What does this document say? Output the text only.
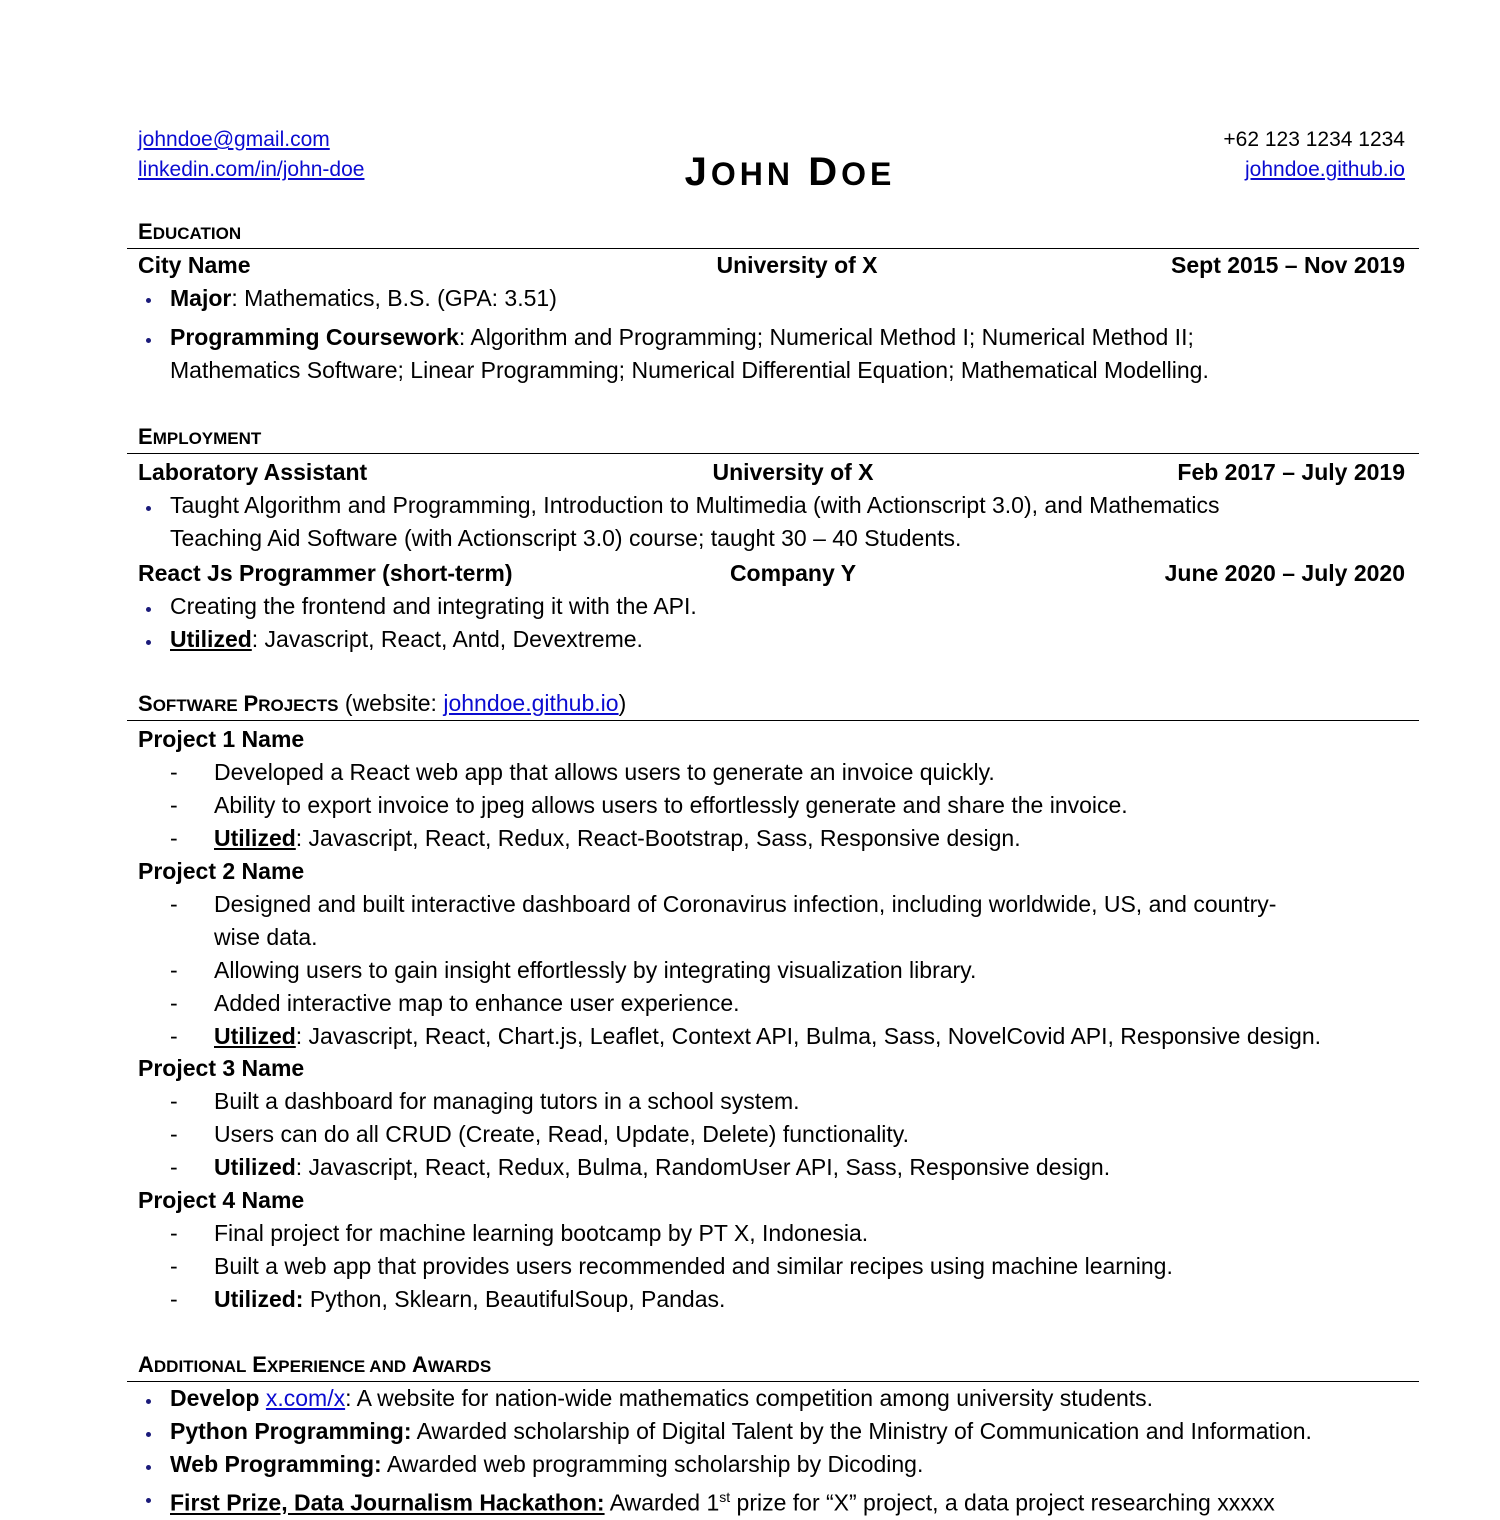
johndoe@gmail.com
linkedin.com/in/john-doe	JOHN DOE
+62 123 1234 1234
johndoe.github.io
EDUCATION
City Name	University of X	Sept 2015 – Nov 2019
Major: Mathematics, B.S. (GPA: 3.51)
Programming Coursework: Algorithm and Programming; Numerical Method I; Numerical Method II;
Mathematics Software; Linear Programming; Numerical Differential Equation; Mathematical Modelling.
EMPLOYMENT
Laboratory Assistant	University of X	Feb 2017 – July 2019
Taught Algorithm and Programming, Introduction to Multimedia (with Actionscript 3.0), and Mathematics
Teaching Aid Software (with Actionscript 3.0) course; taught 30 – 40 Students.
React Js Programmer (short-term)	Company Y	June 2020 – July 2020
Creating the frontend and integrating it with the API.
Utilized: Javascript, React, Antd, Devextreme.
SOFTWARE PROJECTS (website: johndoe.github.io)
Project 1 Name
- Developed a React web app that allows users to generate an invoice quickly.
- Ability to export invoice to jpeg allows users to effortlessly generate and share the invoice.
- Utilized: Javascript, React, Redux, React-Bootstrap, Sass, Responsive design.
Project 2 Name
- Designed and built interactive dashboard of Coronavirus infection, including worldwide, US, and country-
wise data.
- Allowing users to gain insight effortlessly by integrating visualization library.
- Added interactive map to enhance user experience.
- Utilized: Javascript, React, Chart.js, Leaflet, Context API, Bulma, Sass, NovelCovid API, Responsive design.
Project 3 Name
- Built a dashboard for managing tutors in a school system.
- Users can do all CRUD (Create, Read, Update, Delete) functionality.
- Utilized: Javascript, React, Redux, Bulma, RandomUser API, Sass, Responsive design.
Project 4 Name
- Final project for machine learning bootcamp by PT X, Indonesia.
- Built a web app that provides users recommended and similar recipes using machine learning.
- Utilized: Python, Sklearn, BeautifulSoup, Pandas.
ADDITIONAL EXPERIENCE AND AWARDS
Develop x.com/x: A website for nation-wide mathematics competition among university students.
Python Programming: Awarded scholarship of Digital Talent by the Ministry of Communication and Information.
Web Programming: Awarded web programming scholarship by Dicoding.
First Prize, Data Journalism Hackathon: Awarded 1st prize for “X” project, a data project researching xxxxx
